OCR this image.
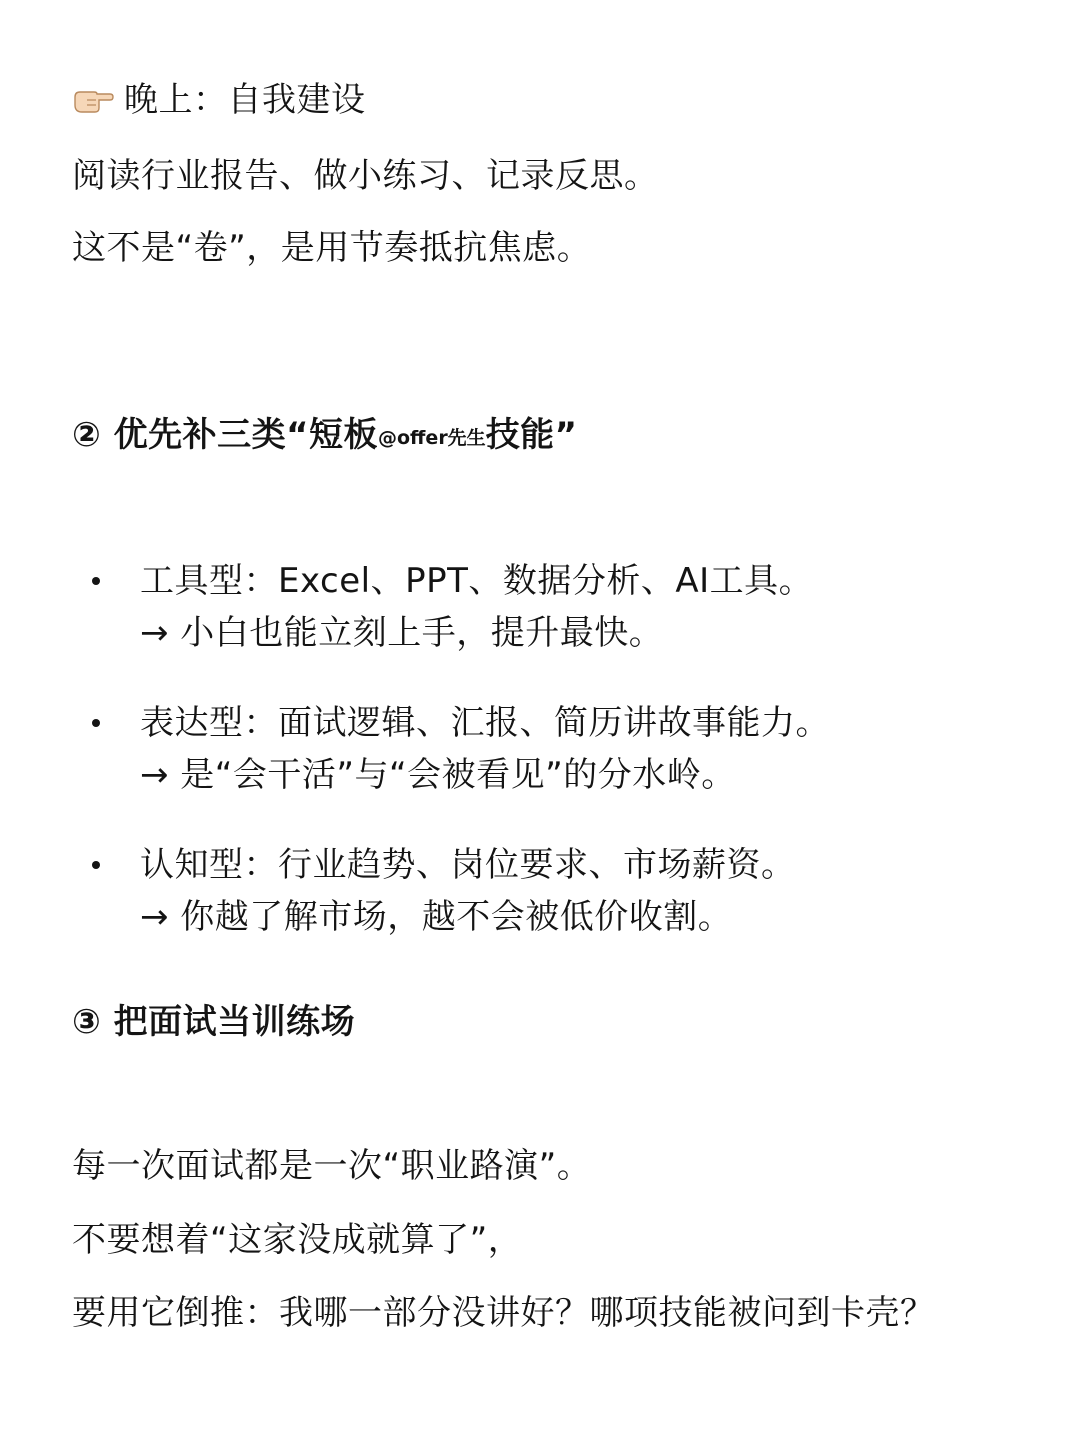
晚上：自我建设
阅读行业报告、做小练习、记录反思。
这不是“卷”，是用节奏抵抗焦虑。
② 优先补三类“短板@offer先生技能”
工具型：Excel、PPT、数据分析、AI工具。
→ 小白也能立刻上手，提升最快。
表达型：面试逻辑、汇报、简历讲故事能力。
→ 是“会干活”与“会被看见”的分水岭。
认知型：行业趋势、岗位要求、市场薪资。
→ 你越了解市场，越不会被低价收割。
③ 把面试当训练场
每一次面试都是一次“职业路演”。
不要想着“这家没成就算了”，
要用它倒推：我哪一部分没讲好？哪项技能被问到卡壳？
